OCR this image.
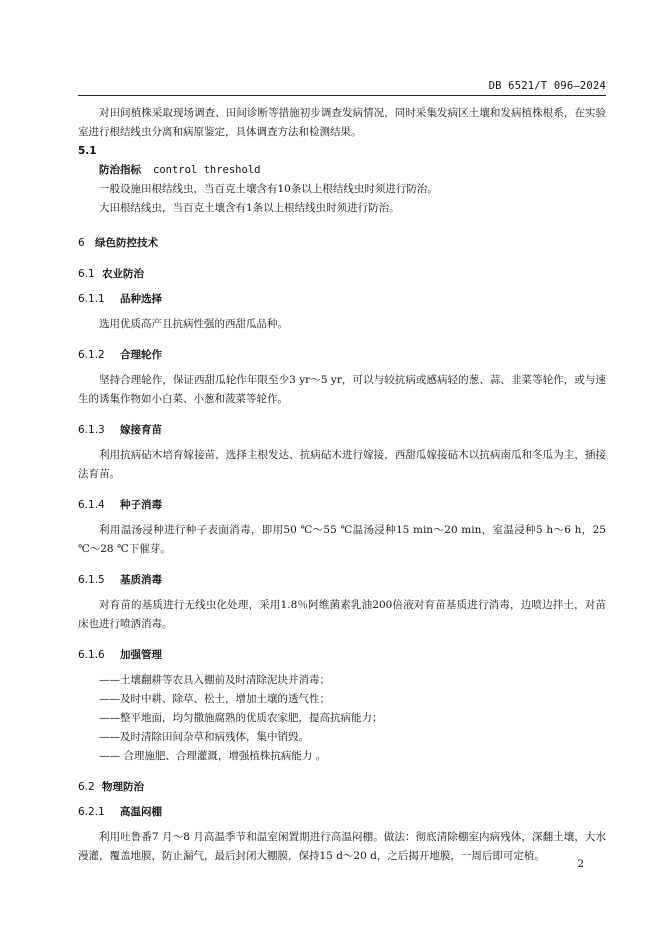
DB 6521/T 096—2024

对田间植株采取现场调查、田间诊断等措施初步调查发病情况，同时采集发病区土壤和发病植株根系，在实验室进行根结线虫分离和病原鉴定，具体调查方法和检测结果。

5.1

防治指标 control threshold

一般设施田根结线虫，当百克土壤含有10条以上根结线虫时须进行防治。

大田根结线虫，当百克土壤含有1条以上根结线虫时须进行防治。

6 绿色防控技术

6.1 农业防治

6.1.1 品种选择

选用优质高产且抗病性强的西甜瓜品种。

6.1.2 合理轮作

坚持合理轮作，保证西甜瓜轮作年限至少3 yr～5 yr，可以与较抗病或感病轻的葱、蒜、韭菜等轮作，或与速生的诱集作物如小白菜、小葱和菠菜等轮作。

6.1.3 嫁接育苗

利用抗病砧木培育嫁接苗，选择主根发达、抗病砧木进行嫁接，西甜瓜嫁接砧木以抗病南瓜和冬瓜为主，插接法育苗。

6.1.4 种子消毒

利用温汤浸种进行种子表面消毒，即用50 ℃～55 ℃温汤浸种15 min～20 min，室温浸种5 h～6 h，25 ℃～28 ℃下催芽。

6.1.5 基质消毒

对育苗的基质进行无线虫化处理，采用1.8％阿维菌素乳油200倍液对育苗基质进行消毒，边喷边拌土，对苗床也进行喷洒消毒。

6.1.6 加强管理

——土壤翻耕等农具入棚前及时清除泥块并消毒；

——及时中耕、除草、松土，增加土壤的透气性；

——整平地面，均匀撒施腐熟的优质农家肥，提高抗病能力；

——及时清除田间杂草和病残体，集中销毁。

—— 合理施肥、合理灌溉，增强植株抗病能力 。

6.2 物理防治

6.2.1 高温闷棚

利用吐鲁番7 月～8 月高温季节和温室闲置期进行高温闷棚。做法：彻底清除棚室内病残体，深翻土壤，大水漫灌，覆盖地膜，防止漏气，最后封闭大棚膜，保持15 d～20 d，之后揭开地膜，一周后即可定植。

2
